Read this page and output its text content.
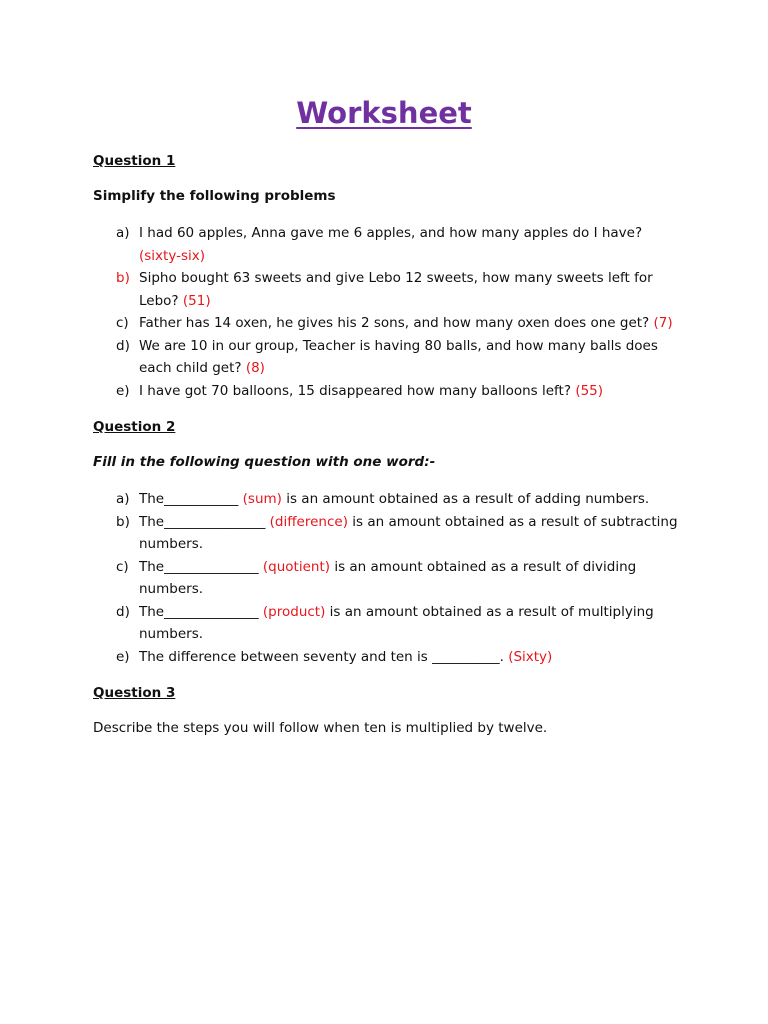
Worksheet

Question 1

Simplify the following problems

a) I had 60 apples, Anna gave me 6 apples, and how many apples do I have? (sixty-six)
b) Sipho bought 63 sweets and give Lebo 12 sweets, how many sweets left for Lebo? (51)
c) Father has 14 oxen, he gives his 2 sons, and how many oxen does one get? (7)
d) We are 10 in our group, Teacher is having 80 balls, and how many balls does each child get? (8)
e) I have got 70 balloons, 15 disappeared how many balloons left? (55)

Question 2

Fill in the following question with one word:-

a) The___________ (sum) is an amount obtained as a result of adding numbers.
b) The_______________ (difference) is an amount obtained as a result of subtracting numbers.
c) The______________ (quotient) is an amount obtained as a result of dividing numbers.
d) The______________ (product) is an amount obtained as a result of multiplying numbers.
e) The difference between seventy and ten is __________. (Sixty)

Question 3

Describe the steps you will follow when ten is multiplied by twelve.
